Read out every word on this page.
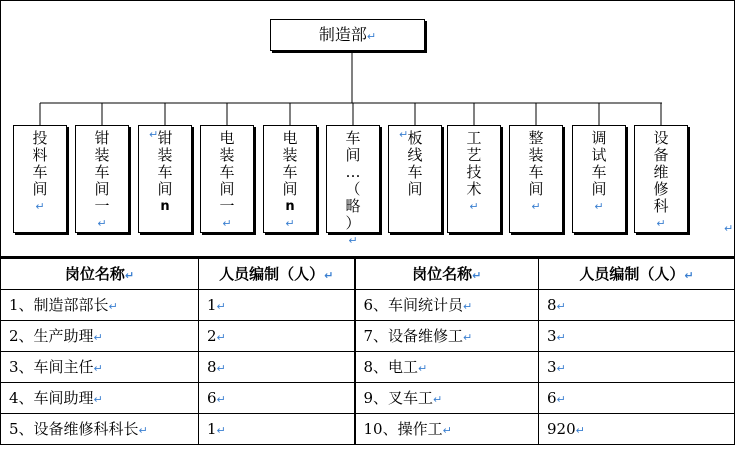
制造部↵
投
料
车
间
↵
钳
装
车
间
一
↵
↵ 钳
装
车
间
n
电
装
车
间
一
↵
电
装
车
间
n
↵
车
间
…
（
略
）
↵
↵ 板
线
车
间
工
艺
技
术
↵
整
装
车
间
↵
调
试
车
间
↵
设
备
维
修
科
↵	↵
岗位名称↵	人员编制（人）↵	岗位名称↵	人员编制（人）↵
1、制造部部长↵	1↵	6、车间统计员↵	8↵
2、生产助理↵	2↵	7、设备维修工↵	3↵
3、车间主任↵	8↵	8、电工↵	3↵
4、车间助理↵	6↵	9、叉车工↵	6↵
5、设备维修科科长↵	1↵	10、操作工↵	920↵
